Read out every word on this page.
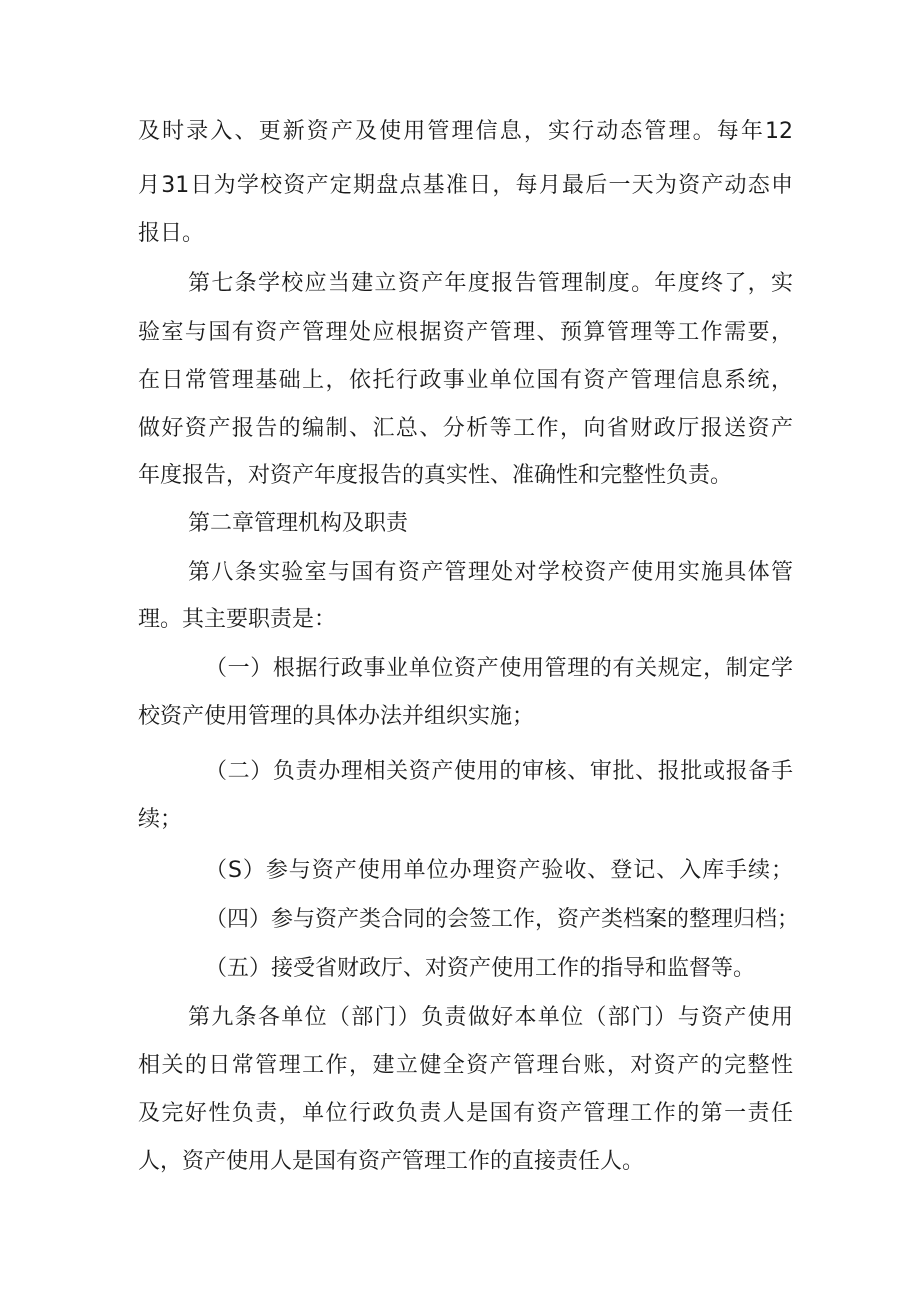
及时录入、更新资产及使用管理信息，实行动态管理。每年12
月31日为学校资产定期盘点基准日，每月最后一天为资产动态申
报日。
第七条学校应当建立资产年度报告管理制度。年度终了，实
验室与国有资产管理处应根据资产管理、预算管理等工作需要，
在日常管理基础上，依托行政事业单位国有资产管理信息系统，
做好资产报告的编制、汇总、分析等工作，向省财政厅报送资产
年度报告，对资产年度报告的真实性、准确性和完整性负责。
第二章管理机构及职责
第八条实验室与国有资产管理处对学校资产使用实施具体管
理。其主要职责是：
（一）根据行政事业单位资产使用管理的有关规定，制定学
校资产使用管理的具体办法并组织实施；
（二）负责办理相关资产使用的审核、审批、报批或报备手
续；
（S）参与资产使用单位办理资产验收、登记、入库手续；
（四）参与资产类合同的会签工作，资产类档案的整理归档；
（五）接受省财政厅、对资产使用工作的指导和监督等。
第九条各单位（部门）负责做好本单位（部门）与资产使用
相关的日常管理工作，建立健全资产管理台账，对资产的完整性
及完好性负责，单位行政负责人是国有资产管理工作的第一责任
人，资产使用人是国有资产管理工作的直接责任人。
